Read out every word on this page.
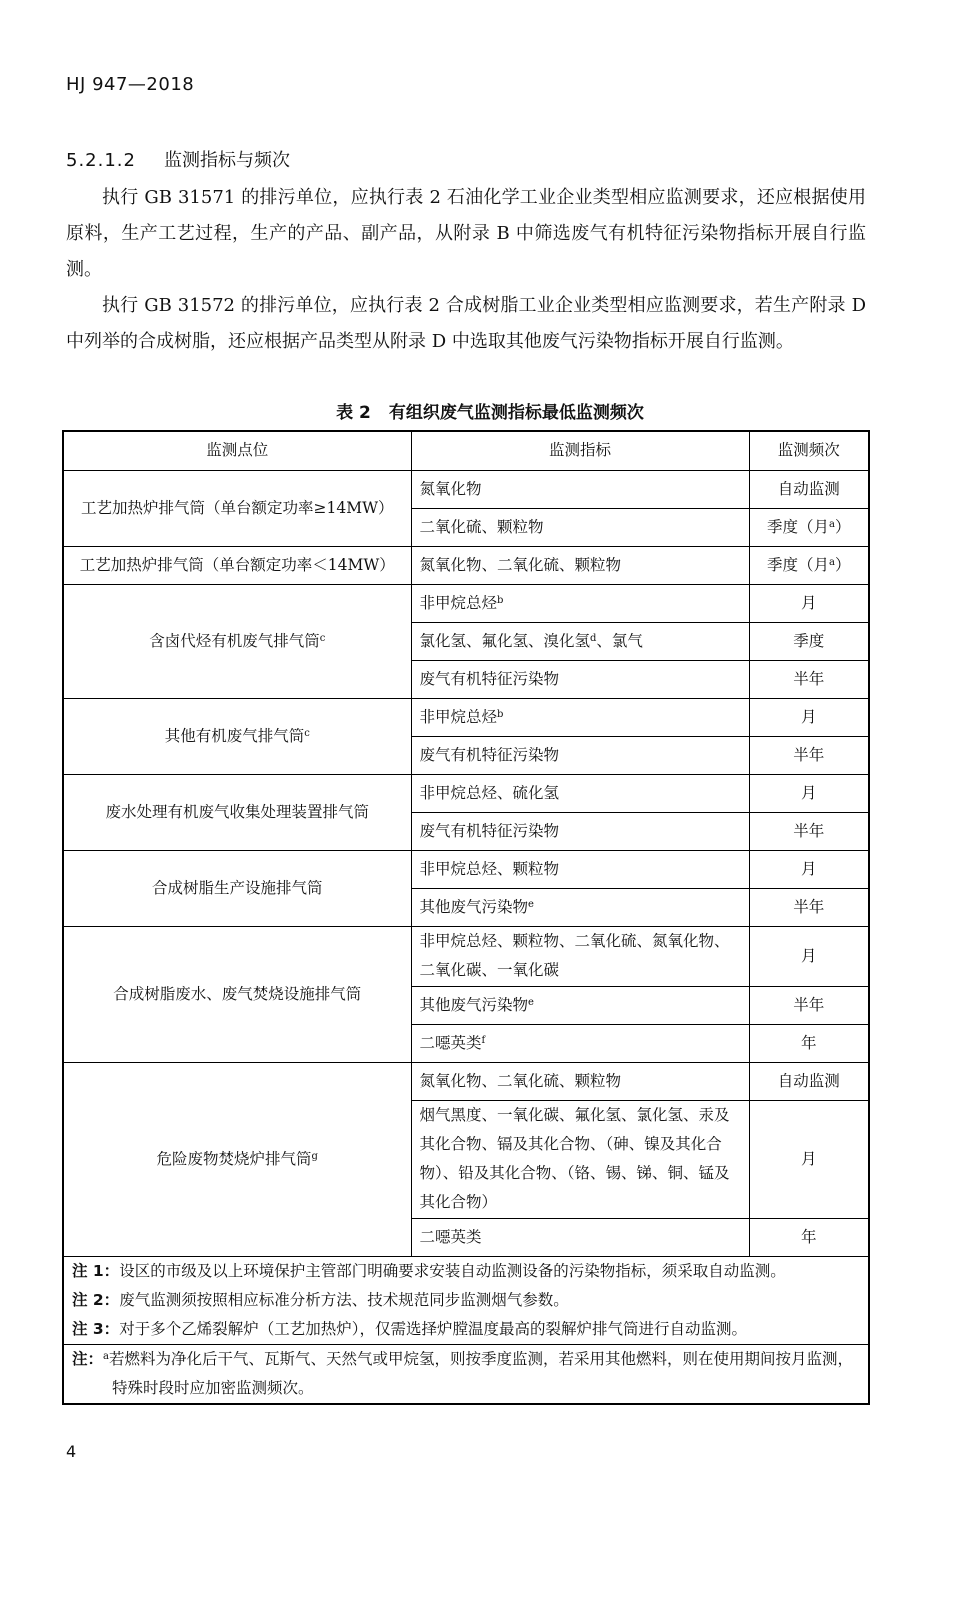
HJ 947—2018
5.2.1.2 监测指标与频次
执行 GB 31571 的排污单位，应执行表 2 石油化学工业企业类型相应监测要求，还应根据使用原料，生产工艺过程，生产的产品、副产品，从附录 B 中筛选废气有机特征污染物指标开展自行监测。
执行 GB 31572 的排污单位，应执行表 2 合成树脂工业企业类型相应监测要求，若生产附录 D 中列举的合成树脂，还应根据产品类型从附录 D 中选取其他废气污染物指标开展自行监测。
表 2 有组织废气监测指标最低监测频次
监测点位	监测指标	监测频次
工艺加热炉排气筒（单台额定功率≥14MW）	氮氧化物	自动监测
	二氧化硫、颗粒物	季度（月$^a$）
工艺加热炉排气筒（单台额定功率＜14MW）	氮氧化物、二氧化硫、颗粒物	季度（月$^a$）
含卤代烃有机废气排气筒$^c$	非甲烷总烃$^b$	月
	氯化氢、氟化氢、溴化氢$^d$、氯气	季度
	废气有机特征污染物	半年
其他有机废气排气筒$^c$	非甲烷总烃$^b$	月
	废气有机特征污染物	半年
废水处理有机废气收集处理装置排气筒	非甲烷总烃、硫化氢	月
	废气有机特征污染物	半年
合成树脂生产设施排气筒	非甲烷总烃、颗粒物	月
	其他废气污染物$^e$	半年
合成树脂废水、废气焚烧设施排气筒	非甲烷总烃、颗粒物、二氧化硫、氮氧化物、二氧化碳、一氧化碳	月
	其他废气污染物$^e$	半年
	二噁英类$^f$	年
危险废物焚烧炉排气筒$^g$	氮氧化物、二氧化硫、颗粒物	自动监测
	烟气黑度、一氧化碳、氟化氢、氯化氢、汞及其化合物、镉及其化合物、（砷、镍及其化合物）、铅及其化合物、（铬、锡、锑、铜、锰及其化合物）	月
	二噁英类	年

注 1：设区的市级及以上环境保护主管部门明确要求安装自动监测设备的污染物指标，须采取自动监测。
注 2：废气监测须按照相应标准分析方法、技术规范同步监测烟气参数。
注 3：对于多个乙烯裂解炉（工艺加热炉），仅需选择炉膛温度最高的裂解炉排气筒进行自动监测。		

注：$^a$若燃料为净化后干气、瓦斯气、天然气或甲烷氢，则按季度监测，若采用其他燃料，则在使用期间按月监测，特殊时段时应加密监测频次。		
4
